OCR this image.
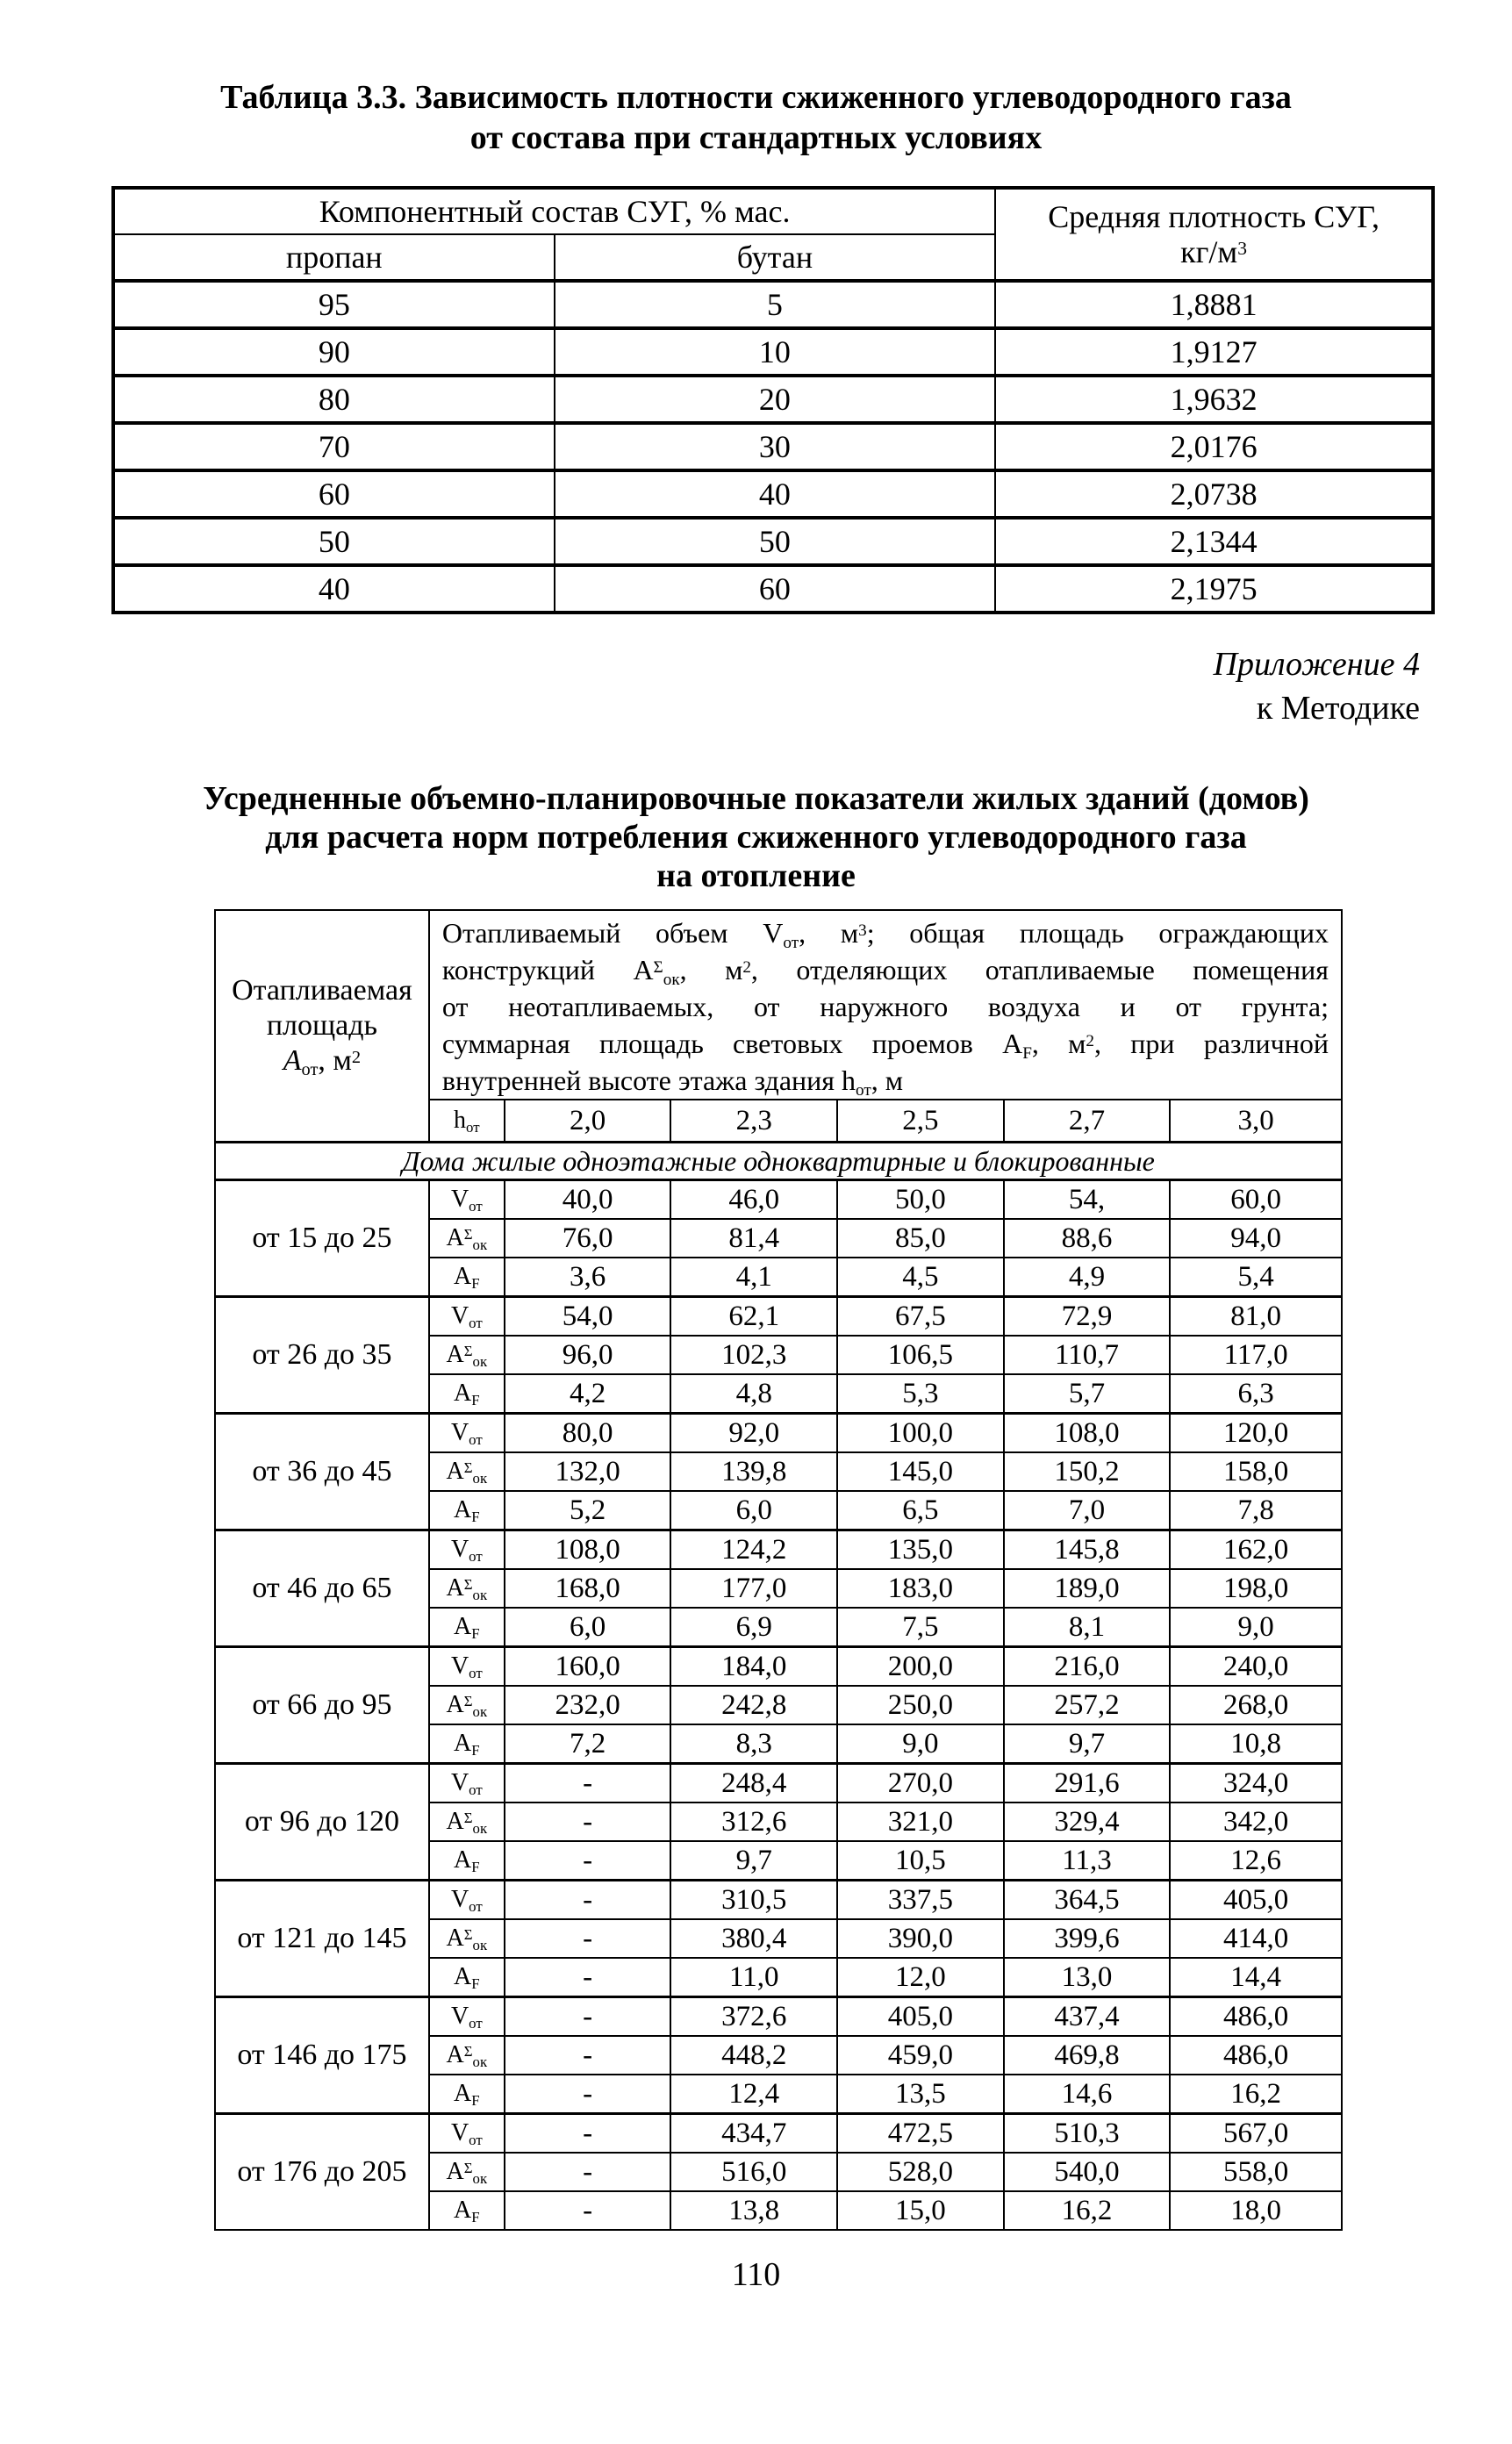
Таблица 3.3. Зависимость плотности сжиженного углеводородного газа
от состава при стандартных условиях
Компонентный состав СУГ, % мас.		Средняя плотность СУГ,
$кг/м^3$
пропан	бутан	
95	5	1,8881
90	10	1,9127
80	20	1,9632
70	30	2,0176
60	40	2,0738
50	50	2,1344
40	60	2,1975
Приложение 4
к Методике
Усредненные объемно-планировочные показатели жилых зданий (домов)
для расчета норм потребления сжиженного углеводородного газа
на отопление
Отапливаемая
площадь
$A_{от}$, $м^2$	
Отапливаемый объем $V_{от}$, $м^3$; общая площадь ограждающих
конструкций $A^\Sigma_{ок}$, $м^2$, отделяющих отапливаемые помещения
от неотапливаемых, от наружного воздуха и от грунта;
суммарная площадь световых проемов $A_F$, $м^2$, при различной
внутренней высоте этажа здания $h_{от}$, м

	$h_{от}$	2,0	2,3	2,5	2,7	3,0
Дома жилые одноэтажные одноквартирные и блокированные						
от 15 до 25	$V_{от}$	40,0	46,0	50,0	54,	60,0
	$A^\Sigma_{ок}$	76,0	81,4	85,0	88,6	94,0
	$A_F$	3,6	4,1	4,5	4,9	5,4
от 26 до 35	$V_{от}$	54,0	62,1	67,5	72,9	81,0
	$A^\Sigma_{ок}$	96,0	102,3	106,5	110,7	117,0
	$A_F$	4,2	4,8	5,3	5,7	6,3
от 36 до 45	$V_{от}$	80,0	92,0	100,0	108,0	120,0
	$A^\Sigma_{ок}$	132,0	139,8	145,0	150,2	158,0
	$A_F$	5,2	6,0	6,5	7,0	7,8
от 46 до 65	$V_{от}$	108,0	124,2	135,0	145,8	162,0
	$A^\Sigma_{ок}$	168,0	177,0	183,0	189,0	198,0
	$A_F$	6,0	6,9	7,5	8,1	9,0
от 66 до 95	$V_{от}$	160,0	184,0	200,0	216,0	240,0
	$A^\Sigma_{ок}$	232,0	242,8	250,0	257,2	268,0
	$A_F$	7,2	8,3	9,0	9,7	10,8
от 96 до 120	$V_{от}$	-	248,4	270,0	291,6	324,0
	$A^\Sigma_{ок}$	-	312,6	321,0	329,4	342,0
	$A_F$	-	9,7	10,5	11,3	12,6
от 121 до 145	$V_{от}$	-	310,5	337,5	364,5	405,0
	$A^\Sigma_{ок}$	-	380,4	390,0	399,6	414,0
	$A_F$	-	11,0	12,0	13,0	14,4
от 146 до 175	$V_{от}$	-	372,6	405,0	437,4	486,0
	$A^\Sigma_{ок}$	-	448,2	459,0	469,8	486,0
	$A_F$	-	12,4	13,5	14,6	16,2
от 176 до 205	$V_{от}$	-	434,7	472,5	510,3	567,0
	$A^\Sigma_{ок}$	-	516,0	528,0	540,0	558,0
	$A_F$	-	13,8	15,0	16,2	18,0
110
